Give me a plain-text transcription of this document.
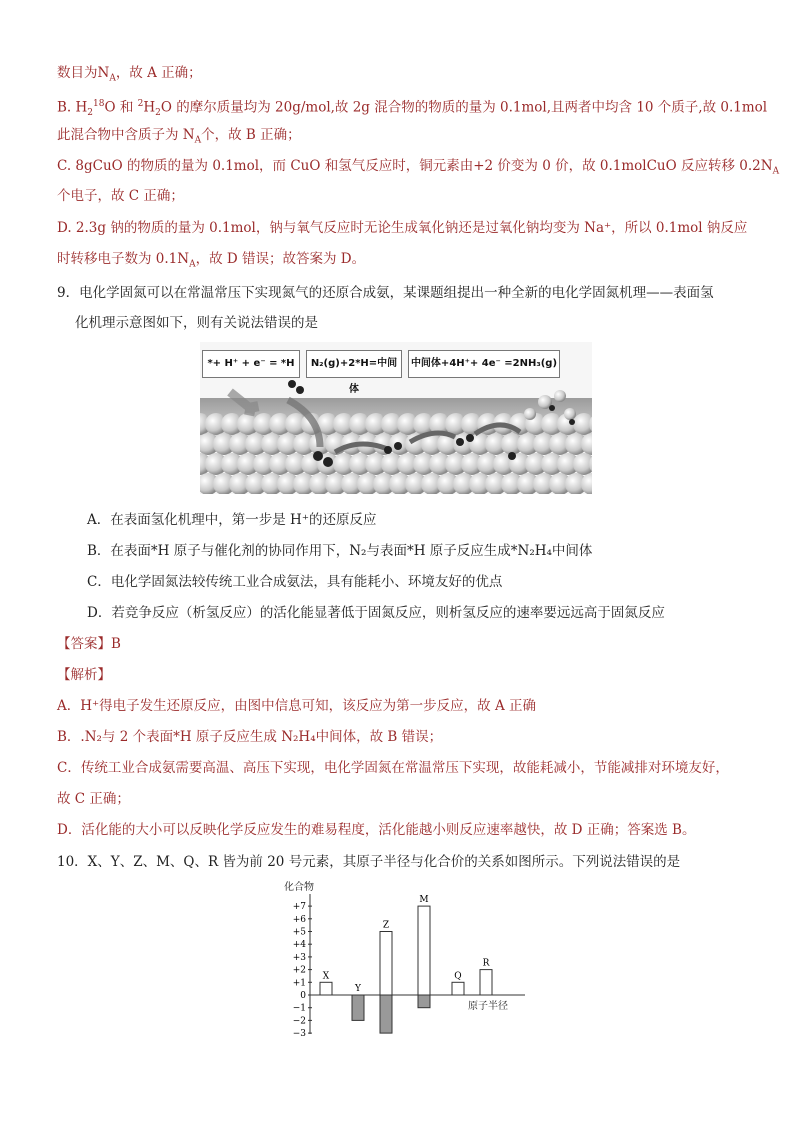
数目为$N_A$，故 A 正确；
B. $H_2^{18}O$ 和 $^2H_2O$ 的摩尔质量均为 20g/mol,故 2g 混合物的物质的量为 0.1mol,且两者中均含 10 个质子,故 0.1mol
此混合物中含质子为 $N_A$个，故 B 正确；
C. 8gCuO 的物质的量为 0.1mol，而 CuO 和氢气反应时，铜元素由+2 价变为 0 价，故 0.1molCuO 反应转移 $0.2N_A$
个电子，故 C 正确；
D. 2.3g 钠的物质的量为 0.1mol，钠与氧气反应时无论生成氧化钠还是过氧化钠均变为 Na⁺，所以 0.1mol 钠反应
时转移电子数为 $0.1N_A$，故 D 错误；故答案为 D。
9．电化学固氮可以在常温常压下实现氮气的还原合成氨，某课题组提出一种全新的电化学固氮机理——表面氢
化机理示意图如下，则有关说法错误的是
*+ H⁺ + e⁻ = *H	N₂(g)+2*H=中间体
中间体+4H⁺+ 4e⁻ =2NH₃(g)
A．在表面氢化机理中，第一步是 H⁺的还原反应
B．在表面*H 原子与催化剂的协同作用下，N₂与表面*H 原子反应生成*N₂H₄中间体
C．电化学固氮法较传统工业合成氨法，具有能耗小、环境友好的优点
D．若竞争反应（析氢反应）的活化能显著低于固氮反应，则析氢反应的速率要远远高于固氮反应
【答案】B
【解析】
A．H⁺得电子发生还原反应，由图中信息可知，该反应为第一步反应，故 A 正确
B．.N₂与 2 个表面*H 原子反应生成 N₂H₄中间体，故 B 错误；
C．传统工业合成氨需要高温、高压下实现，电化学固氮在常温常压下实现，故能耗减小，节能减排对环境友好，
故 C 正确；
D．活化能的大小可以反映化学反应发生的难易程度，活化能越小则反应速率越快，故 D 正确；答案选 B。
10．X、Y、Z、M、Q、R 皆为前 20 号元素，其原子半径与化合价的关系如图所示。下列说法错误的是
化合物
+7
+6
+5
+4
+3
+2
+1
0
−1
−2
−3
X
Y
Z
M
Q
R
原子半径
